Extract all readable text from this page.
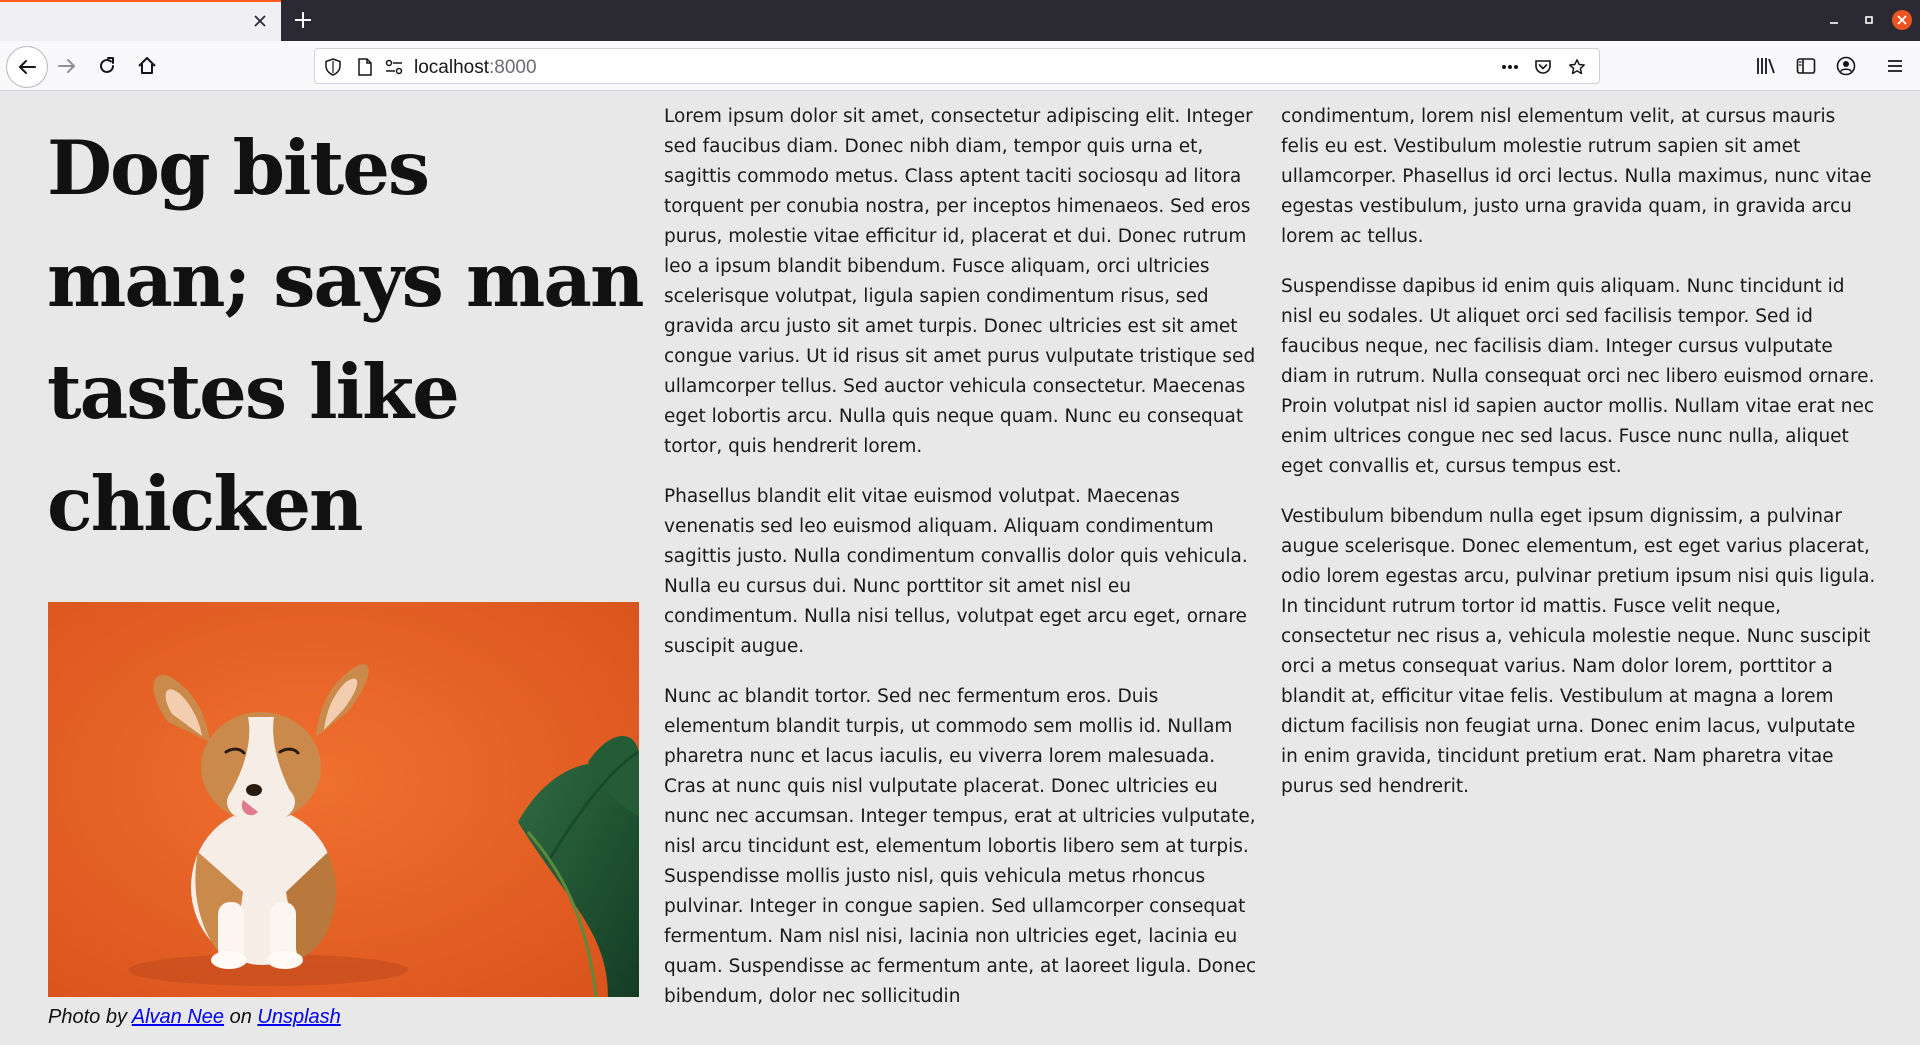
localhost:8000
Dog bites man; says man tastes like chicken
Photo by Alvan Nee on Unsplash

Lorem ipsum dolor sit amet, consectetur adipiscing elit. Integer sed faucibus diam. Donec nibh diam, tempor quis urna et, sagittis commodo metus. Class aptent taciti sociosqu ad litora torquent per conubia nostra, per inceptos himenaeos. Sed eros purus, molestie vitae efficitur id, placerat et dui. Donec rutrum leo a ipsum blandit bibendum. Fusce aliquam, orci ultricies scelerisque volutpat, ligula sapien condimentum risus, sed gravida arcu justo sit amet turpis. Donec ultricies est sit amet congue varius. Ut id risus sit amet purus vulputate tristique sed ullamcorper tellus. Sed auctor vehicula consectetur. Maecenas eget lobortis arcu. Nulla quis neque quam. Nunc eu consequat tortor, quis hendrerit lorem.

Phasellus blandit elit vitae euismod volutpat. Maecenas venenatis sed leo euismod aliquam. Aliquam condimentum sagittis justo. Nulla condimentum convallis dolor quis vehicula. Nulla eu cursus dui. Nunc porttitor sit amet nisl eu condimentum. Nulla nisi tellus, volutpat eget arcu eget, ornare suscipit augue.

Nunc ac blandit tortor. Sed nec fermentum eros. Duis elementum blandit turpis, ut commodo sem mollis id. Nullam pharetra nunc et lacus iaculis, eu viverra lorem malesuada. Cras at nunc quis nisl vulputate placerat. Donec ultricies eu nunc nec accumsan. Integer tempus, erat at ultricies vulputate, nisl arcu tincidunt est, elementum lobortis libero sem at turpis. Suspendisse mollis justo nisl, quis vehicula metus rhoncus pulvinar. Integer in congue sapien. Sed ullamcorper consequat fermentum. Nam nisl nisi, lacinia non ultricies eget, lacinia eu quam. Suspendisse ac fermentum ante, at laoreet ligula. Donec bibendum, dolor nec sollicitudin

condimentum, lorem nisl elementum velit, at cursus mauris felis eu est. Vestibulum molestie rutrum sapien sit amet ullamcorper. Phasellus id orci lectus. Nulla maximus, nunc vitae egestas vestibulum, justo urna gravida quam, in gravida arcu lorem ac tellus.

Suspendisse dapibus id enim quis aliquam. Nunc tincidunt id nisl eu sodales. Ut aliquet orci sed facilisis tempor. Sed id faucibus neque, nec facilisis diam. Integer cursus vulputate diam in rutrum. Nulla consequat orci nec libero euismod ornare. Proin volutpat nisl id sapien auctor mollis. Nullam vitae erat nec enim ultrices congue nec sed lacus. Fusce nunc nulla, aliquet eget convallis et, cursus tempus est.

Vestibulum bibendum nulla eget ipsum dignissim, a pulvinar augue scelerisque. Donec elementum, est eget varius placerat, odio lorem egestas arcu, pulvinar pretium ipsum nisi quis ligula. In tincidunt rutrum tortor id mattis. Fusce velit neque, consectetur nec risus a, vehicula molestie neque. Nunc suscipit orci a metus consequat varius. Nam dolor lorem, porttitor a blandit at, efficitur vitae felis. Vestibulum at magna a lorem dictum facilisis non feugiat urna. Donec enim lacus, vulputate in enim gravida, tincidunt pretium erat. Nam pharetra vitae purus sed hendrerit.
